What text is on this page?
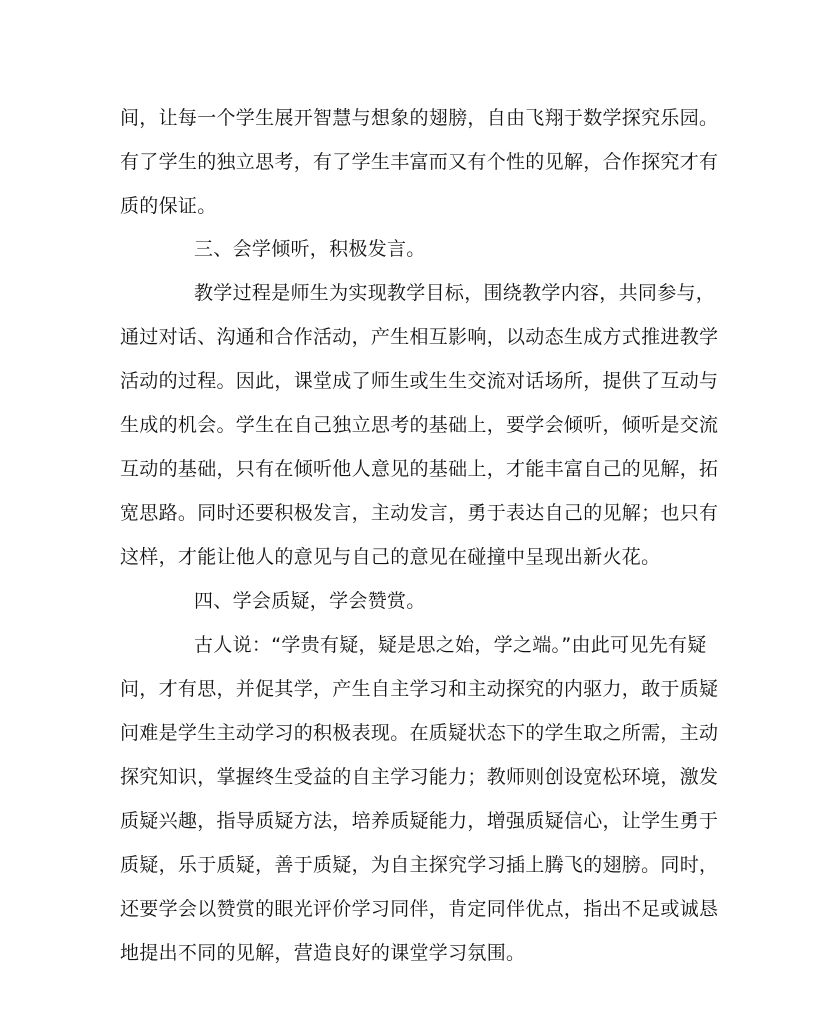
间，让每一个学生展开智慧与想象的翅膀，自由飞翔于数学探究乐园。
有了学生的独立思考，有了学生丰富而又有个性的见解，合作探究才有
质的保证。
三、会学倾听，积极发言。
教学过程是师生为实现教学目标，围绕教学内容，共同参与，
通过对话、沟通和合作活动，产生相互影响，以动态生成方式推进教学
活动的过程。因此，课堂成了师生或生生交流对话场所，提供了互动与
生成的机会。学生在自己独立思考的基础上，要学会倾听，倾听是交流
互动的基础，只有在倾听他人意见的基础上，才能丰富自己的见解，拓
宽思路。同时还要积极发言，主动发言，勇于表达自己的见解；也只有
这样，才能让他人的意见与自己的意见在碰撞中呈现出新火花。
四、学会质疑，学会赞赏。
古人说：“学贵有疑，疑是思之始，学之端。”由此可见先有疑
问，才有思，并促其学，产生自主学习和主动探究的内驱力，敢于质疑
问难是学生主动学习的积极表现。在质疑状态下的学生取之所需，主动
探究知识，掌握终生受益的自主学习能力；教师则创设宽松环境，激发
质疑兴趣，指导质疑方法，培养质疑能力，增强质疑信心，让学生勇于
质疑，乐于质疑，善于质疑，为自主探究学习插上腾飞的翅膀。同时，
还要学会以赞赏的眼光评价学习同伴，肯定同伴优点，指出不足或诚恳
地提出不同的见解，营造良好的课堂学习氛围。
